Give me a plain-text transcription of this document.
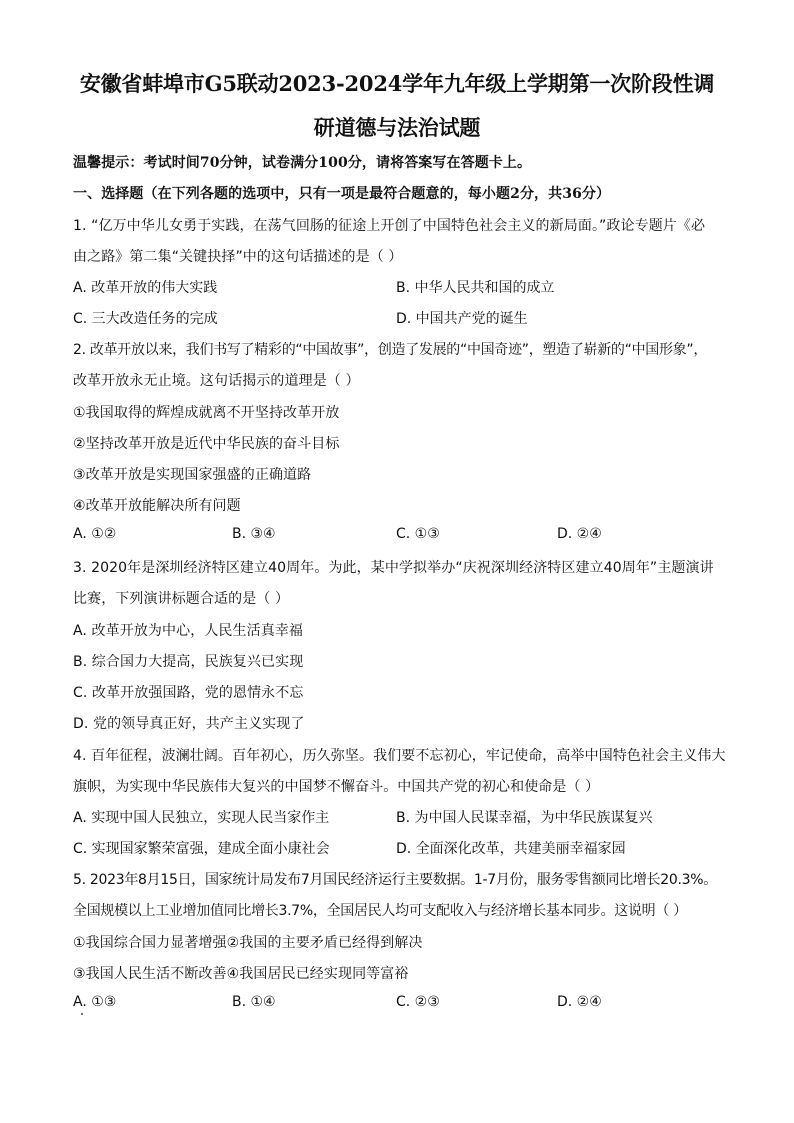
安徽省蚌埠市G5联动2023-2024学年九年级上学期第一次阶段性调
研道德与法治试题
温馨提示：考试时间70分钟，试卷满分100分，请将答案写在答题卡上。
一、选择题（在下列各题的选项中，只有一项是最符合题意的，每小题2分，共36分）
1. “亿万中华儿女勇于实践，在荡气回肠的征途上开创了中国特色社会主义的新局面。”政论专题片《必
由之路》第二集“关键抉择”中的这句话描述的是（ ）
A. 改革开放的伟大实践	B. 中华人民共和国的成立
C. 三大改造任务的完成	D. 中国共产党的诞生
2. 改革开放以来，我们书写了精彩的“中国故事”，创造了发展的“中国奇迹”，塑造了崭新的“中国形象”，
改革开放永无止境。这句话揭示的道理是（ ）
①我国取得的辉煌成就离不开坚持改革开放
②坚持改革开放是近代中华民族的奋斗目标
③改革开放是实现国家强盛的正确道路
④改革开放能解决所有问题
A. ①②	B. ③④	C. ①③	D. ②④
3. 2020年是深圳经济特区建立40周年。为此，某中学拟举办“庆祝深圳经济特区建立40周年”主题演讲
比赛，下列演讲标题合适的是（ ）
A. 改革开放为中心，人民生活真幸福
B. 综合国力大提高，民族复兴已实现
C. 改革开放强国路，党的恩情永不忘
D. 党的领导真正好，共产主义实现了
4. 百年征程，波澜壮阔。百年初心，历久弥坚。我们要不忘初心，牢记使命，高举中国特色社会主义伟大
旗帜，为实现中华民族伟大复兴的中国梦不懈奋斗。中国共产党的初心和使命是（ ）
A. 实现中国人民独立，实现人民当家作主	B. 为中国人民谋幸福，为中华民族谋复兴
C. 实现国家繁荣富强，建成全面小康社会	D. 全面深化改革，共建美丽幸福家园
5. 2023年8月15日，国家统计局发布7月国民经济运行主要数据。1-7月份，服务零售额同比增长20.3%。
全国规模以上工业增加值同比增长3.7%，全国居民人均可支配收入与经济增长基本同步。这说明（ ）
①我国综合国力显著增强②我国的主要矛盾已经得到解决
③我国人民生活不断改善④我国居民已经实现同等富裕
A. ①③	B. ①④	C. ②③	D. ②④
